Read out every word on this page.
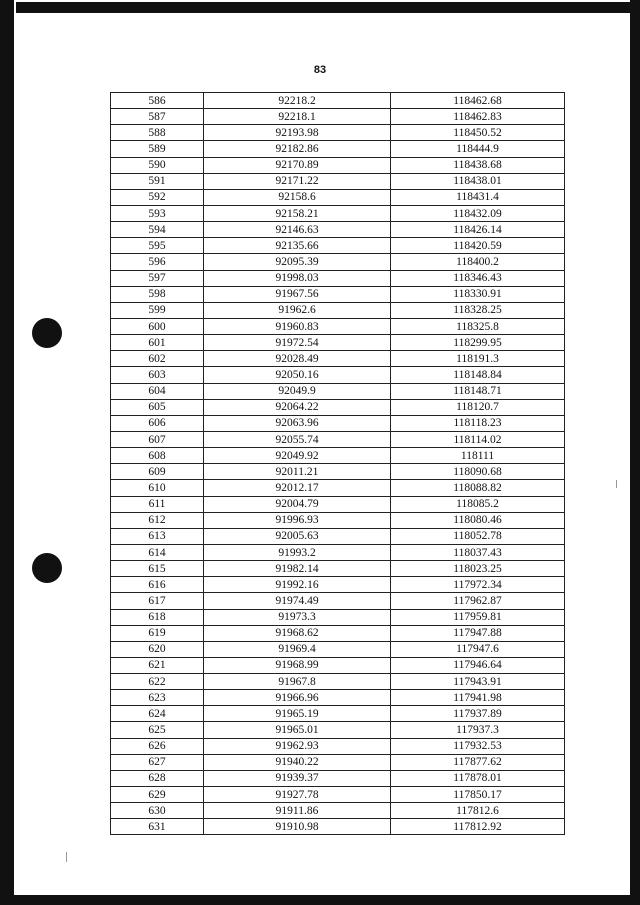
83
586	92218.2	118462.68
587	92218.1	118462.83
588	92193.98	118450.52
589	92182.86	118444.9
590	92170.89	118438.68
591	92171.22	118438.01
592	92158.6	118431.4
593	92158.21	118432.09
594	92146.63	118426.14
595	92135.66	118420.59
596	92095.39	118400.2
597	91998.03	118346.43
598	91967.56	118330.91
599	91962.6	118328.25
600	91960.83	118325.8
601	91972.54	118299.95
602	92028.49	118191.3
603	92050.16	118148.84
604	92049.9	118148.71
605	92064.22	118120.7
606	92063.96	118118.23
607	92055.74	118114.02
608	92049.92	118111
609	92011.21	118090.68
610	92012.17	118088.82
611	92004.79	118085.2
612	91996.93	118080.46
613	92005.63	118052.78
614	91993.2	118037.43
615	91982.14	118023.25
616	91992.16	117972.34
617	91974.49	117962.87
618	91973.3	117959.81
619	91968.62	117947.88
620	91969.4	117947.6
621	91968.99	117946.64
622	91967.8	117943.91
623	91966.96	117941.98
624	91965.19	117937.89
625	91965.01	117937.3
626	91962.93	117932.53
627	91940.22	117877.62
628	91939.37	117878.01
629	91927.78	117850.17
630	91911.86	117812.6
631	91910.98	117812.92
